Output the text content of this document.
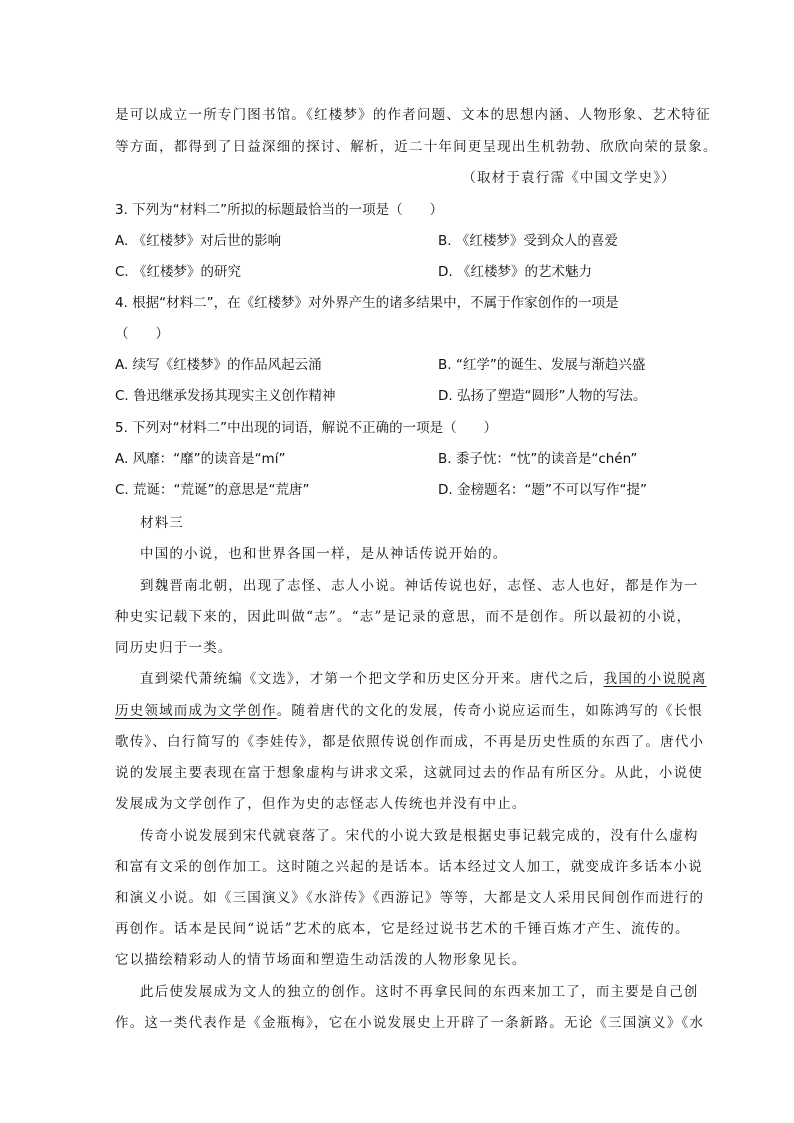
是可以成立一所专门图书馆。《红楼梦》的作者问题、文本的思想内涵、人物形象、艺术特征
等方面，都得到了日益深细的探讨、解析，近二十年间更呈现出生机勃勃、欣欣向荣的景象。
（取材于袁行霈《中国文学史》）
3. 下列为“材料二”所拟的标题最恰当的一项是（　　）
A. 《红楼梦》对后世的影响	B. 《红楼梦》受到众人的喜爱
C. 《红楼梦》的研究	D. 《红楼梦》的艺术魅力
4. 根据“材料二”，在《红楼梦》对外界产生的诸多结果中，不属于作家创作的一项是
（　　）
A. 续写《红楼梦》的作品风起云涌	B. “红学”的诞生、发展与渐趋兴盛
C. 鲁迅继承发扬其现实主义创作精神	D. 弘扬了塑造“圆形”人物的写法。
5. 下列对“材料二”中出现的词语，解说不正确的一项是（　　）
A. 风靡：“靡”的读音是“mí”	B. 黍子忱：“忱”的读音是“chén”
C. 荒诞：“荒诞”的意思是“荒唐”	D. 金榜题名：“题”不可以写作“提”
材料三
中国的小说，也和世界各国一样，是从神话传说开始的。
到魏晋南北朝，出现了志怪、志人小说。神话传说也好，志怪、志人也好，都是作为一
种史实记载下来的，因此叫做“志”。“志”是记录的意思，而不是创作。所以最初的小说，
同历史归于一类。
直到梁代萧统编《文选》，才第一个把文学和历史区分开来。唐代之后，我国的小说脱离
历史领域而成为文学创作。随着唐代的文化的发展，传奇小说应运而生，如陈鸿写的《长恨
歌传》、白行简写的《李娃传》，都是依照传说创作而成，不再是历史性质的东西了。唐代小
说的发展主要表现在富于想象虚构与讲求文采，这就同过去的作品有所区分。从此，小说使
发展成为文学创作了，但作为史的志怪志人传统也并没有中止。
传奇小说发展到宋代就衰落了。宋代的小说大致是根据史事记载完成的，没有什么虚构
和富有文采的创作加工。这时随之兴起的是话本。话本经过文人加工，就变成许多话本小说
和演义小说。如《三国演义》《水浒传》《西游记》等等，大都是文人采用民间创作而进行的
再创作。话本是民间“说话”艺术的底本，它是经过说书艺术的千锤百炼才产生、流传的。
它以描绘精彩动人的情节场面和塑造生动活泼的人物形象见长。
此后使发展成为文人的独立的创作。这时不再拿民间的东西来加工了，而主要是自己创
作。这一类代表作是《金瓶梅》，它在小说发展史上开辟了一条新路。无论《三国演义》《水
